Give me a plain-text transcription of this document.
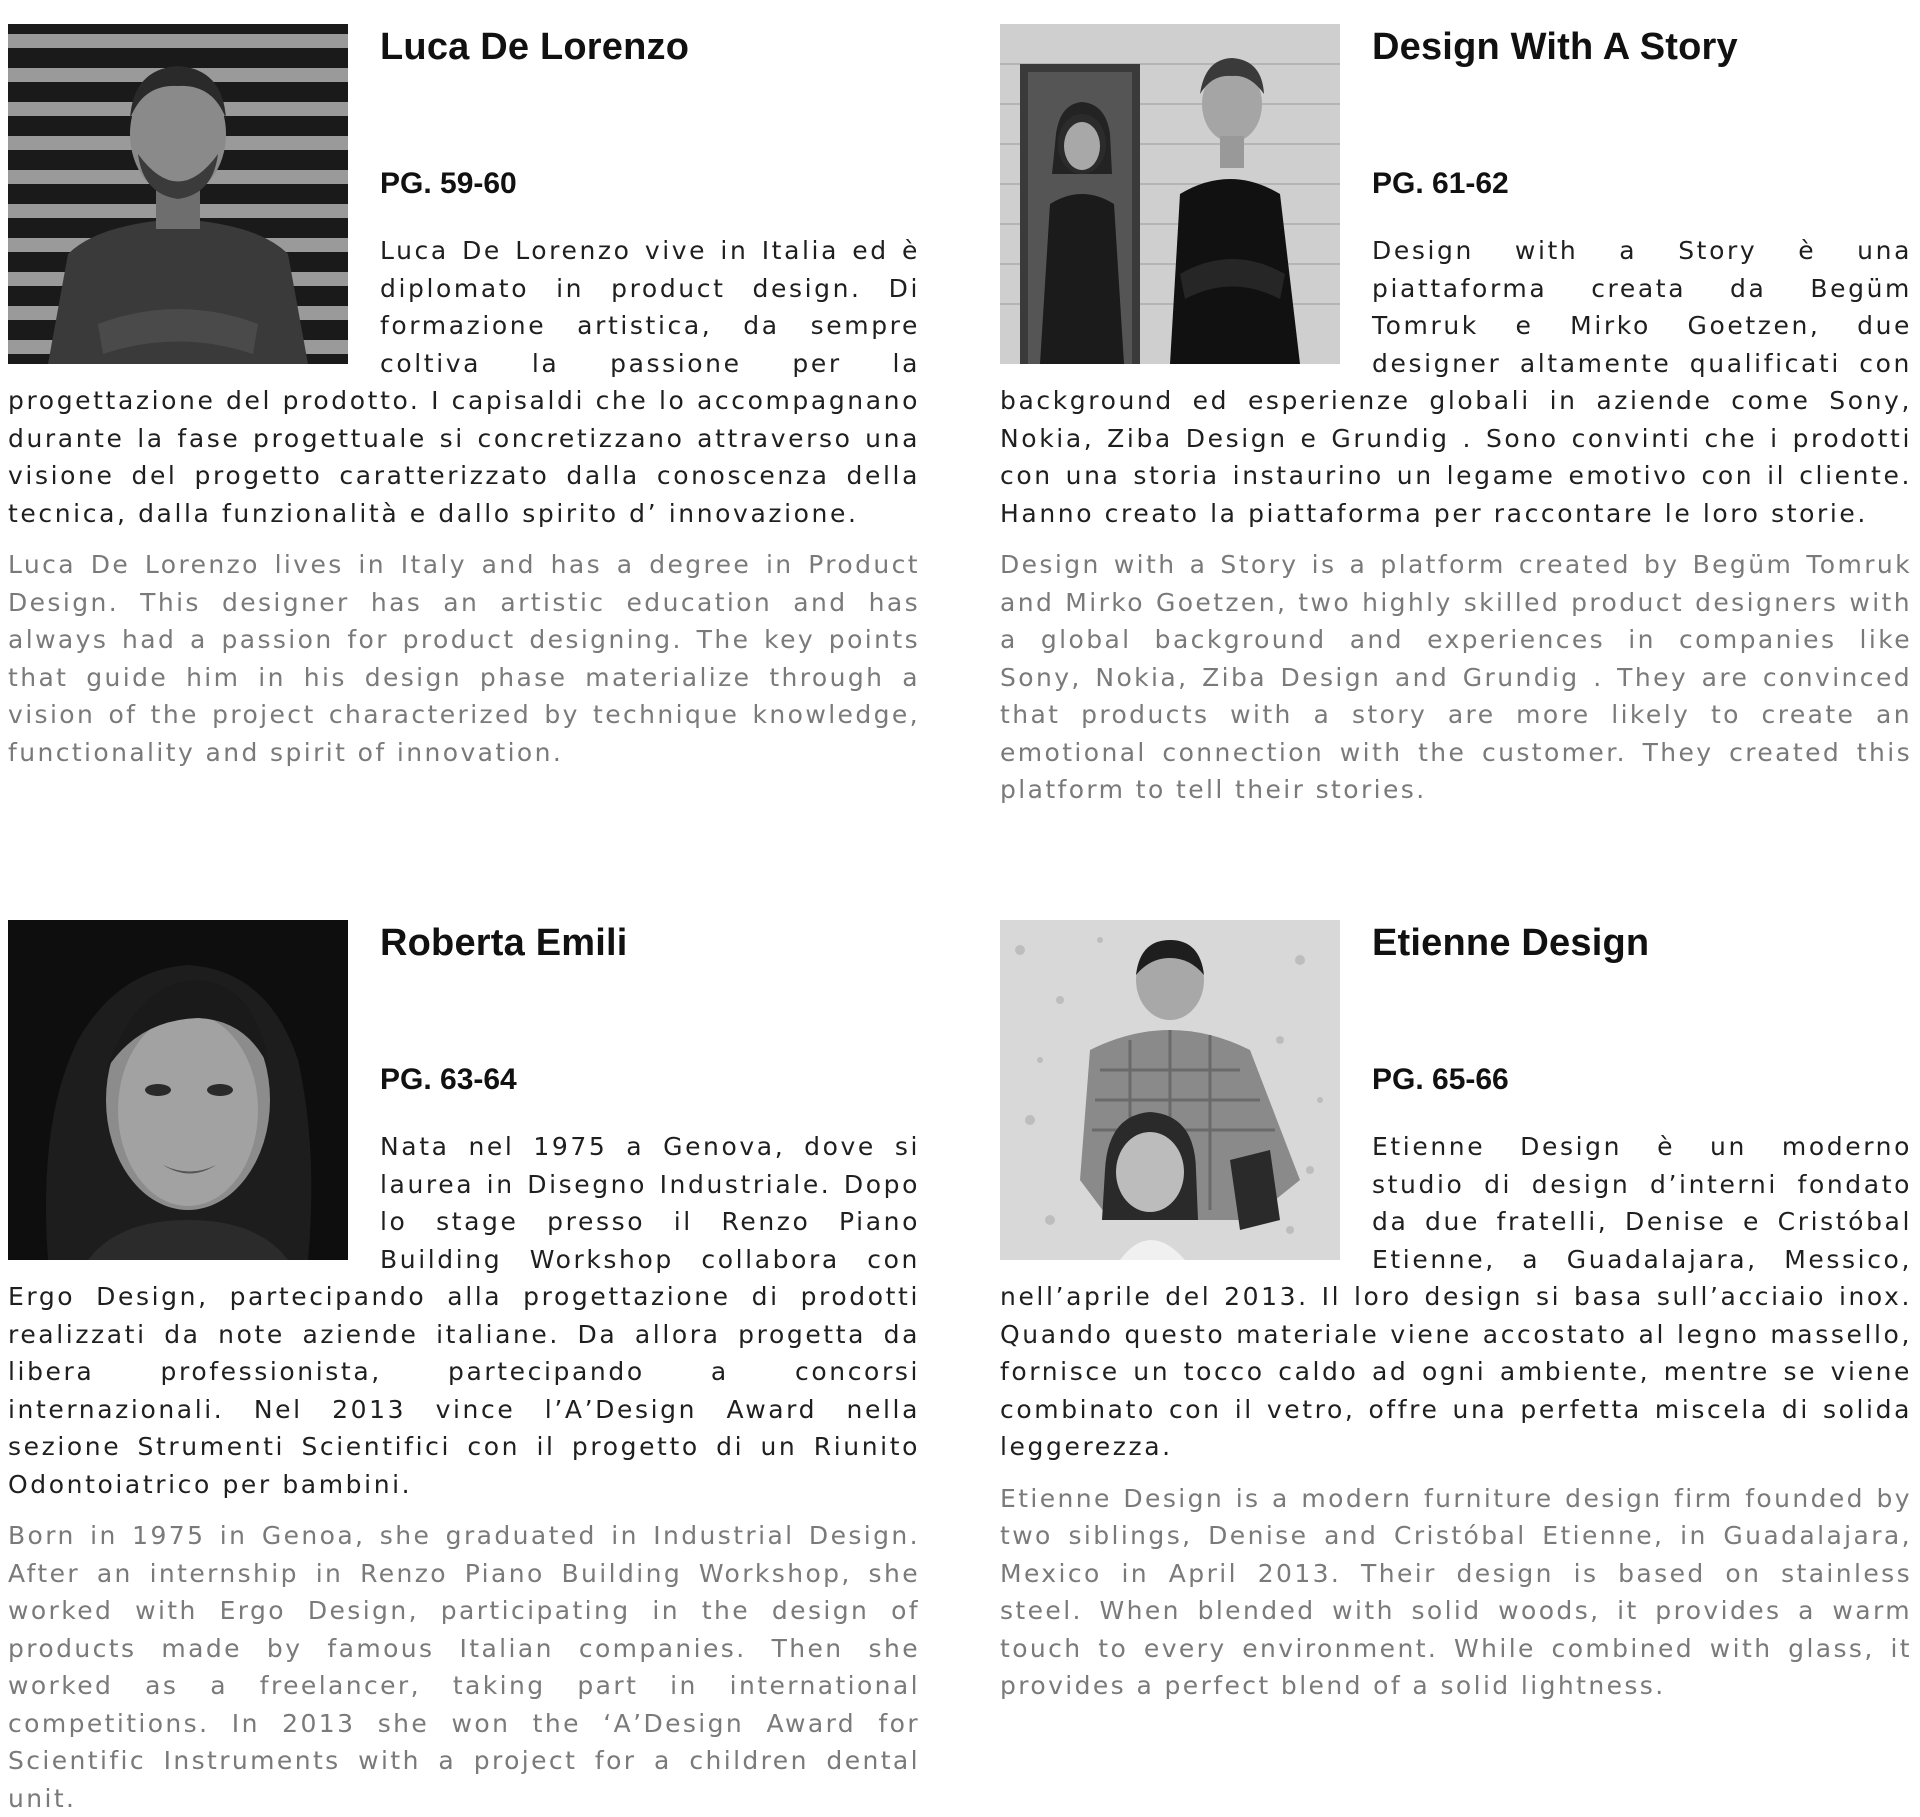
Luca De Lorenzo
PG. 59-60

Luca De Lorenzo vive in Italia ed è diplomato in product design. Di formazione artistica, da sempre coltiva la passione per la progettazione del prodotto. I capisaldi che lo accompagnano durante la fase progettuale si concretizzano attraverso una visione del progetto caratterizzato dalla conoscenza della tecnica, dalla funzionalità e dallo spirito d’ innovazione.

Luca De Lorenzo lives in Italy and has a degree in Product Design. This designer has an artistic education and has always had a passion for product designing. The key points that guide him in his design phase materialize through a vision of the project characterized by technique knowledge, functionality and spirit of innovation.

Design With A Story
PG. 61-62

Design with a Story è una piattaforma creata da Begüm Tomruk e Mirko Goetzen, due designer altamente qualificati con background ed esperienze globali in aziende come Sony, Nokia, Ziba Design e Grundig . Sono convinti che i prodotti con una storia instaurino un legame emotivo con il cliente. Hanno creato la piattaforma per raccontare le loro storie.

Design with a Story is a platform created by Begüm Tomruk and Mirko Goetzen, two highly skilled product designers with a global background and experiences in companies like Sony, Nokia, Ziba Design and Grundig . They are convinced that products with a story are more likely to create an emotional connection with the customer. They created this platform to tell their stories.

Roberta Emili
PG. 63-64

Nata nel 1975 a Genova, dove si laurea in Disegno Industriale. Dopo lo stage presso il Renzo Piano Building Workshop collabora con Ergo Design, partecipando alla progettazione di prodotti realizzati da note aziende italiane. Da allora progetta da libera professionista, partecipando a concorsi internazionali. Nel 2013 vince l’A’Design Award nella sezione Strumenti Scientifici con il progetto di un Riunito Odontoiatrico per bambini.

Born in 1975 in Genoa, she graduated in Industrial Design. After an internship in Renzo Piano Building Workshop, she worked with Ergo Design, participating in the design of products made by famous Italian companies. Then she worked as a freelancer, taking part in international competitions. In 2013 she won the ‘A’Design Award for Scientific Instruments with a project for a children dental unit.

Etienne Design
PG. 65-66

Etienne Design è un moderno studio di design d’interni fondato da due fratelli, Denise e Cristóbal Etienne, a Guadalajara, Messico, nell’aprile del 2013. Il loro design si basa sull’acciaio inox. Quando questo materiale viene accostato al legno massello, fornisce un tocco caldo ad ogni ambiente, mentre se viene combinato con il vetro, offre una perfetta miscela di solida leggerezza.

Etienne Design is a modern furniture design firm founded by two siblings, Denise and Cristóbal Etienne, in Guadalajara, Mexico in April 2013. Their design is based on stainless steel. When blended with solid woods, it provides a warm touch to every environment. While combined with glass, it provides a perfect blend of a solid lightness.
